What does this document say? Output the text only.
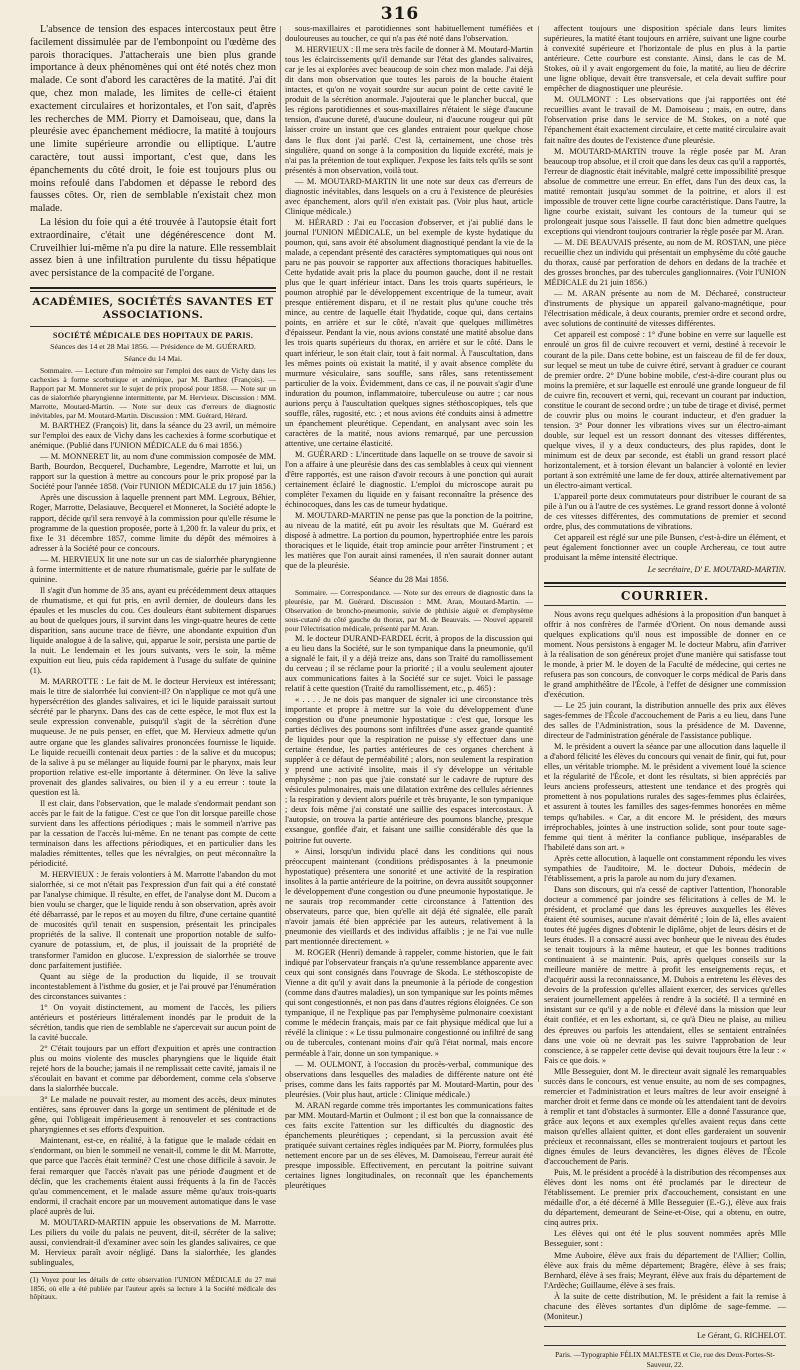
316

L'absence de tension des espaces intercostaux peut être facilement dissimulée par de l'embonpoint ou l'œdème des parois thoraciques. J'attacherais une bien plus grande importance à deux phénomènes qui ont été notés chez mon malade. Ce sont d'abord les caractères de la matité. J'ai dit que, chez mon malade, les limites de celle-ci étaient exactement circulaires et horizontales, et l'on sait, d'après les recherches de MM. Piorry et Damoiseau, que, dans la pleurésie avec épanchement médiocre, la matité à toujours une limite supérieure arrondie ou elliptique. L'autre caractère, tout aussi important, c'est que, dans les épanchements du côté droit, le foie est toujours plus ou moins refoulé dans l'abdomen et dépasse le rebord des fausses côtes. Or, rien de semblable n'existait chez mon malade.

La lésion du foie qui a été trouvée à l'autopsie était fort extraordinaire, c'était une dégénérescence dont M. Cruveilhier lui-même n'a pu dire la nature. Elle ressemblait assez bien à une infiltration purulente du tissu hépatique avec persistance de la compacité de l'organe.

ACADÉMIES, SOCIÉTÉS SAVANTES ET ASSOCIATIONS.
SOCIÉTÉ MÉDICALE DES HOPITAUX DE PARIS.
Séances des 14 et 28 Mai 1856. — Présidence de M. GUÉRARD.
Séance du 14 Mai.

Sommaire. — Lecture d'un mémoire sur l'emploi des eaux de Vichy dans les cachexies à forme scorbutique et anémique, par M. Barthez (François). — Rapport par M. Monneret sur le sujet de prix proposé pour 1858. — Note sur un cas de sialorrhée pharyngienne intermittente, par M. Hervieux. Discussion : MM. Marrotte, Moutard-Martin. — Note sur deux cas d'erreurs de diagnostic inévitables, par M. Moutard-Martin. Discussion : MM. Guérard, Hérard.

M. BARTHEZ (François) lit, dans la séance du 23 avril, un mémoire sur l'emploi des eaux de Vichy dans les cachexies à forme scorbutique et anémique. (Publié dans l'UNION MÉDICALE du 6 mai 1856.)

— M. MONNERET lit, au nom d'une commission composée de MM. Barth, Bourdon, Becquerel, Duchambre, Legendre, Marrotte et lui, un rapport sur la question à mettre au concours pour le prix proposé par la Société pour l'année 1858. (Voir l'UNION MÉDICALE du 17 juin 1856.)

Après une discussion à laquelle prennent part MM. Legroux, Béhier, Roger, Marrotte, Delasiauve, Becquerel et Monneret, la Société adopte le rapport, décide qu'il sera renvoyé à la commission pour qu'elle résume le programme de la question proposée, porte à 1,200 fr. la valeur du prix, et fixe le 31 décembre 1857, comme limite du dépôt des mémoires à adresser à la Société pour ce concours.

— M. HERVIEUX lit une note sur un cas de sialorrhée pharyngienne à forme intermittente et de nature rhumatismale, guérie par le sulfate de quinine.

Il s'agit d'un homme de 35 ans, ayant eu précédemment deux attaques de rhumatisme, et qui fut pris, en avril dernier, de douleurs dans les épaules et les muscles du cou. Ces douleurs étant subitement disparues au bout de quelques jours, il survint dans les vingt-quatre heures de cette disparition, sans aucune trace de fièvre, une abondante expuition d'un liquide analogue à de la salive, qui, apparue le soir, persista une partie de la nuit. Le lendemain et les jours suivants, vers le soir, la même expuition eut lieu, puis céda rapidement à l'usage du sulfate de quinine (1).

M. MARROTTE : Le fait de M. le docteur Hervieux est intéressant; mais le titre de sialorrhée lui convient-il? On n'applique ce mot qu'à une hypersécrétion des glandes salivaires, et ici le liquide paraissait surtout sécrété par le pharynx. Dans des cas de cette espèce, le mot flux est la seule expression convenable, puisqu'il s'agit de la sécrétion d'une muqueuse. Je ne puis penser, en effet, que M. Hervieux admette qu'un autre organe que les glandes salivaires prononcées fournisse le liquide. Le liquide recueilli contenait deux parties : de la salive et du mucopus; de la salive à pu se mélanger au liquide fourni par le pharynx, mais leur proportion relative est-elle importante à déterminer. On lève la salive provenait des glandes salivaires, ou bien il y a eu erreur : toute la question est là.

Il est clair, dans l'observation, que le malade s'endormait pendant son accès par le fait de la fatigue. C'est ce que l'on dit lorsque pareille chose survient dans les affections périodiques ; mais le sommeil n'arrive pas par la cessation de l'accès lui-même. En ne tenant pas compte de cette terminaison dans les affections périodiques, et en particulier dans les maladies rémittentes, telles que les névralgies, on peut méconnaître la périodicité.

M. HERVIEUX : Je ferais volontiers à M. Marrotte l'abandon du mot sialorrhée, si ce mot n'était pas l'expression d'un fait qui a été constaté par l'analyse chimique. Il résulte, en effet, de l'analyse dont M. Ducom a bien voulu se charger, que le liquide rendu à son observation, après avoir été débarrassé, par le repos et au moyen du filtre, d'une certaine quantité de mucosités qu'il tenait en suspension, présentait les principales propriétés de la salive. Il contenait une proportion notable de sulfo-cyanure de potassium, et, de plus, il jouissait de la propriété de transformer l'amidon en glucose. L'expression de sialorrhée se trouve donc parfaitement justifiée.

Quant au siège de la production du liquide, il se trouvait incontestablement à l'isthme du gosier, et je l'ai prouvé par l'énumération des circonstances suivantes :

1° On voyait distinctement, au moment de l'accès, les piliers antérieurs et postérieurs littéralement inondés par le produit de la sécrétion, tandis que rien de semblable ne s'apercevait sur aucun point de la cavité buccale.

2° C'était toujours par un effort d'expuition et après une contraction plus ou moins violente des muscles pharyngiens que le liquide était rejeté hors de la bouche; jamais il ne remplissait cette cavité, jamais il ne s'écoulait en bavant et comme par débordement, comme cela s'observe dans la sialorrhée buccale.

3° Le malade ne pouvait rester, au moment des accès, deux minutes entières, sans éprouver dans la gorge un sentiment de plénitude et de gêne, qui l'obligeait impérieusement à renouveler et ses contractions pharyngiennes et ses efforts d'expuition.

Maintenant, est-ce, en réalité, à la fatigue que le malade cédait en s'endormant, ou bien le sommeil ne venait-il, comme le dit M. Marrotte, que parce que l'accès était terminé? C'est une chose difficile à savoir. Je ferai remarquer que l'accès n'avait pas une période d'augment et de déclin, que les crachements étaient aussi fréquents à la fin de l'accès qu'au commencement, et le malade assure même qu'aux trois-quarts endormi, il crachait encore par un mouvement automatique dans le vase placé auprès de lui.

M. MOUTARD-MARTIN appuie les observations de M. Marrotte. Les piliers du voile du palais ne peuvent, dit-il, sécréter de la salive; aussi, conviendrait-il d'examiner avec soin les glandes salivaires, ce que M. Hervieux paraît avoir négligé. Dans la sialorrhée, les glandes sublinguales,

(1) Voyez pour les détails de cette observation l'UNION MÉDICALE du 27 mai 1856, où elle a été publiée par l'auteur après sa lecture à la Société médicale des hôpitaux.

sous-maxillaires et parotidiennes sont habituellement tuméfiées et douloureuses au toucher, ce qui n'a pas été noté dans l'observation.

M. HERVIEUX : Il me sera très facile de donner à M. Moutard-Martin tous les éclaircissements qu'il demande sur l'état des glandes salivaires, car je les ai explorées avec beaucoup de soin chez mon malade. J'ai déjà dit dans mon observation que toutes les parois de la bouche étaient intactes, et qu'on ne voyait sourdre sur aucun point de cette cavité le produit de la sécrétion anormale. J'ajouterai que le plancher buccal, que les régions parotidiennes et sous-maxillaires n'étaient le siège d'aucune tension, d'aucune dureté, d'aucune douleur, ni d'aucune rougeur qui pût laisser croire un instant que ces glandes entraient pour quelque chose dans le flux dont j'ai parlé. C'est là, certainement, une chose très singulière, quand on songe à la composition du liquide excrété, mais je n'ai pas la prétention de tout expliquer. J'expose les faits tels qu'ils se sont présentés à mon observation, voilà tout.

— M. MOUTARD-MARTIN lit une note sur deux cas d'erreurs de diagnostic inévitables, dans lesquels on a cru à l'existence de pleurésies avec épanchement, alors qu'il n'en existait pas. (Voir plus haut, article Clinique médicale.)

M. HÉRARD : J'ai eu l'occasion d'observer, et j'ai publié dans le journal l'UNION MÉDICALE, un bel exemple de kyste hydatique du poumon, qui, sans avoir été absolument diagnostiqué pendant la vie de la malade, a cependant présenté des caractères symptomatiques qui nous ont paru ne pas pouvoir se rapporter aux affections thoraciques habituelles. Cette hydatide avait pris la place du poumon gauche, dont il ne restait plus que le quart inférieur intact. Dans les trois quarts supérieurs, le poumon atrophié par le développement excentrique de la tumeur, avait presque entièrement disparu, et il ne restait plus qu'une couche très mince, au centre de laquelle était l'hydatide, coque qui, dans certains points, en arrière et sur le côté, n'avait que quelques millimètres d'épaisseur. Pendant la vie, nous avions constaté une matité absolue dans les trois quarts supérieurs du thorax, en arrière et sur le côté. Dans le quart inférieur, le son était clair, tout à fait normal. À l'auscultation, dans les mêmes points où existait la matité, il y avait absence complète du murmure vésiculaire, sans souffle, sans râles, sans retentissement particulier de la voix. Évidemment, dans ce cas, il ne pouvait s'agir d'une induration du poumon, inflammatoire, tuberculeuse ou autre ; car nous aurions perçu à l'auscultation quelques signes stéthoscopiques, tels que souffle, râles, rugosité, etc. ; et nous avions été conduits ainsi à admettre un épanchement pleurétique. Cependant, en analysant avec soin les caractères de la matité, nous avions remarqué, par une percussion attentive, une certaine élasticité.

M. GUÉRARD : L'incertitude dans laquelle on se trouve de savoir si l'on a affaire à une pleurésie dans des cas semblables à ceux qui viennent d'être rapportés, est une raison d'avoir recours à une ponction qui aurait certainement éclairé le diagnostic. L'emploi du microscope aurait pu compléter l'examen du liquide en y faisant reconnaître la présence des échinocoques, dans les cas de tumeur hydatique.

M. MOUTARD-MARTIN ne pense pas que la ponction de la poitrine, au niveau de la matité, eût pu avoir les résultats que M. Guérard est disposé à admettre. La portion du poumon, hypertrophiée entre les parois thoraciques et le liquide, était trop amincie pour arrêter l'instrument ; et les matières que l'on aurait ainsi ramenées, il n'en saurait donner autant que de la pleurésie.

Séance du 28 Mai 1856.

Sommaire. — Correspondance. — Note sur des erreurs de diagnostic dans la pleurésie, par M. Guérard. Discussion : MM. Aran, Moutard-Martin. — Observation de broncho-pneumonie, suivie de phthisie aiguë et d'emphysème sous-cutané du côté gauche du thorax, par M. de Beauvais. — Nouvel appareil pour l'électrisation médicale, présenté par M. Aran.

M. le docteur DURAND-FARDEL écrit, à propos de la discussion qui a eu lieu dans la Société, sur le son tympanique dans la pneumonie, qu'il a signalé le fait, il y a déjà treize ans, dans son Traité du ramollissement du cerveau ; il se réclame pour la priorité ; il a voulu seulement ajouter aux communications faites à la Société sur ce sujet. Voici le passage relatif à cette question (Traité du ramollissement, etc., p. 465) :

« . . . . Je ne dois pas manquer de signaler ici une circonstance très importante et propre à mettre sur la voie du développement d'une congestion ou d'une pneumonie hypostatique : c'est que, lorsque les parties déclives des poumons sont infiltrées d'une assez grande quantité de liquides pour que la respiration ne puisse s'y effectuer dans une certaine étendue, les parties antérieures de ces organes cherchent à suppléer à ce défaut de perméabilité ; alors, non seulement la respiration y prend une activité insolite, mais il s'y développe un véritable emphysème ; non pas que j'aie constaté sur le cadavre de rupture des vésicules pulmonaires, mais une dilatation extrême des cellules aériennes ; la respiration y devient alors puérile et très bruyante, le son tympanique ; deux fois même j'ai constaté une saillie des espaces intercostaux. À l'autopsie, on trouva la partie antérieure des poumons blanche, presque exsangue, gonflée d'air, et faisant une saillie considérable dès que la poitrine fut ouverte.

» Ainsi, lorsqu'un individu placé dans les conditions qui nous préoccupent maintenant (conditions prédisposantes à la pneumonie hypostatique) présentera une sonorité et une activité de la respiration insolites à la partie antérieure de la poitrine, on devra aussitôt soupçonner le développement d'une congestion ou d'une pneumonie hypostatique. Je ne saurais trop recommander cette circonstance à l'attention des observateurs, parce que, bien qu'elle ait déjà été signalée, elle paraît n'avoir jamais été bien appréciée par les auteurs, relativement à la pneumonie des vieillards et des individus affaiblis ; je ne l'ai vue nulle part mentionnée directement. »

M. ROGER (Henri) demande à rappeler, comme historien, que le fait indiqué par l'observateur français n'a qu'une ressemblance apparente avec ceux qui sont consignés dans l'ouvrage de Skoda. Le stéthoscopiste de Vienne a dit qu'il y avait dans la pneumonie à la période de congestion (comme dans d'autres maladies), un son tympanique sur les points mêmes qui sont congestionnés, et non pas dans d'autres régions éloignées. Ce son tympanique, il ne l'explique pas par l'emphysème pulmonaire coexistant comme le médecin français, mais par ce fait physique médical que lui a révélé la clinique : « Le tissu pulmonaire congestionné ou infiltré de sang ou de tubercules, contenant moins d'air qu'à l'état normal, mais encore perméable à l'air, donne un son tympanique. »

— M. OULMONT, à l'occasion du procès-verbal, communique des observations dans lesquelles des maladies de différente nature ont été prises, comme dans les faits rapportés par M. Moutard-Martin, pour des pleurésies. (Voir plus haut, article : Clinique médicale.)

M. ARAN regarde comme très importantes les communications faites par MM. Moutard-Martin et Oulmont ; il est bon que la connaissance de ces faits excite l'attention sur les difficultés du diagnostic des épanchements pleurétiques ; cependant, si la percussion avait été pratiquée suivant certaines règles indiquées par M. Piorry, formulées plus nettement encore par un de ses élèves, M. Damoiseau, l'erreur aurait été presque impossible. Effectivement, en percutant la poitrine suivant certaines lignes longitudinales, on reconnaît que les épanchements pleurétiques

affectent toujours une disposition spéciale dans leurs limites supérieures, la matité étant toujours en arrière, suivant une ligne courbe à convexité supérieure et l'horizontale de plus en plus à la partie antérieure. Cette courbure est constante. Ainsi, dans le cas de M. Stokes, où il y avait engorgement du foie, la matité, au lieu de décrire une ligne oblique, devait être transversale, et cela devait suffire pour empêcher de diagnostiquer une pleurésie.

M. OULMONT : Les observations que j'ai rapportées ont été recueillies avant le travail de M. Damoiseau ; mais, en outre, dans l'observation prise dans le service de M. Stokes, on a noté que l'épanchement était exactement circulaire, et cette matité circulaire avait fait naître des doutes de l'existence d'une pleurésie.

M. MOUTARD-MARTIN trouve la règle posée par M. Aran beaucoup trop absolue, et il croit que dans les deux cas qu'il a rapportés, l'erreur de diagnostic était inévitable, malgré cette impossibilité presque absolue de commettre une erreur. En effet, dans l'un des deux cas, la matité remontait jusqu'au sommet de la poitrine, et alors il est impossible de trouver cette ligne courbe caractéristique. Dans l'autre, la ligne courbe existait, suivant les contours de la tumeur qui se prolongeait jusque sous l'aisselle. Il faut donc bien admettre quelques exceptions qui viendront toujours contrarier la règle posée par M. Aran.

— M. DE BEAUVAIS présente, au nom de M. ROSTAN, une pièce recueillie chez un individu qui présentait un emphysème du côté gauche du thorax, causé par perforation de dehors en dedans de la trachée et des grosses bronches, par des tubercules ganglionnaires. (Voir l'UNION MÉDICALE du 21 juin 1856.)

— M. ARAN présente au nom de M. Déchareé, constructeur d'instruments de physique un appareil galvano-magnétique, pour l'électrisation médicale, à deux courants, premier ordre et second ordre, avec solutions de continuité de vitesses différentes.

Cet appareil est composé : 1° d'une bobine en verre sur laquelle est enroulé un gros fil de cuivre recouvert et verni, destiné à recevoir le courant de la pile. Dans cette bobine, est un faisceau de fil de fer doux, sur lequel se meut un tube de cuivre étiré, servant à graduer ce courant de premier ordre. 2° D'une bobine mobile, c'est-à-dire courant plus ou moins la première, et sur laquelle est enroulé une grande longueur de fil de cuivre fin, recouvert et verni, qui, recevant un courant par induction, constitue le courant de second ordre ; un tube de tirage et divisé, permet de couvrir plus ou moins le courant inducteur, et d'en graduer la tension. 3° Pour donner les vibrations vives sur un électro-aimant double, sur lequel est un ressort donnant des vitesses différentes, quelque vives, il y a deux conducteurs, des plus rapides, dont le minimum est de deux par seconde, est établi un grand ressort placé horizontalement, et à torsion élevant un balancier à volonté en levier portant à son extrémité une lame de fer doux, attirée alternativement par un électro-aimant vertical.

L'appareil porte deux commutateurs pour distribuer le courant de sa pile à l'un ou à l'autre de ces systèmes. Le grand ressort donne à volonté de ces vitesses différentes, des commutations de premier et second ordre, plus, des commutations de vibrations.

Cet appareil est réglé sur une pile Bunsen, c'est-à-dire un élément, et peut également fonctionner avec un couple Archereau, ce tout autre produisant la même intensité électrique.

Le secrétaire, D' E. MOUTARD-MARTIN.
COURRIER.

Nous avons reçu quelques adhésions à la proposition d'un banquet à offrir à nos confrères de l'armée d'Orient. On nous demande aussi quelques explications qu'il nous est impossible de donner en ce moment. Nous persistons à engager M. le docteur Mabru, afin d'arriver à la réalisation de son généreux projet d'une manière qui satisfasse tout le monde, à prier M. le doyen de la Faculté de médecine, qui certes ne refusera pas son concours, de convoquer le corps médical de Paris dans le grand amphithéâtre de l'École, à l'effet de désigner une commission d'exécution.

— Le 25 juin courant, la distribution annuelle des prix aux élèves sages-femmes de l'École d'accouchement de Paris a eu lieu, dans l'une des salles de l'Administration, sous la présidence de M. Davenne, directeur de l'administration générale de l'assistance publique.

M. le président a ouvert la séance par une allocution dans laquelle il a d'abord félicité les élèves du concours qui venait de finir, qui fut, pour elles, un véritable triomphe. M. le président a vivement loué la science et la régularité de l'École, et dont les résultats, si bien appréciés par leurs anciens professeurs, attestent une tendance et des progrès qui promettent à nos populations rurales des sages-femmes plus éclairées, et assurent à toutes les familles des sages-femmes honorées en même temps qu'habiles. « Car, a dit encore M. le président, des mœurs irréprochables, jointes à une instruction solide, sont pour toute sage-femme qui tient à mériter la confiance publique, inséparables de l'habileté dans son art. »

Après cette allocution, à laquelle ont constamment répondu les vives sympathies de l'auditoire, M. le docteur Dubois, médecin de l'établissement, a pris la parole au nom du jury d'examen.

Dans son discours, qui n'a cessé de captiver l'attention, l'honorable docteur a commencé par joindre ses félicitations à celles de M. le président, et proclamé que dans les épreuves auxquelles les élèves étaient été soumises, aucune n'avait démérité ; loin de là, elles avaient toutes été jugées dignes d'obtenir le diplôme, objet de leurs désirs et de leurs études. Il a consacré aussi avec bonheur que le niveau des études se tenait toujours à la même hauteur, et que les bonnes traditions continuaient à se maintenir. Puis, après quelques conseils sur la meilleure manière de mettre à profit les enseignements reçus, et d'acquérir aussi la reconnaissance, M. Dubois a entretenu les élèves des devoirs de la profession qu'elles allaient exercer, des services qu'elles seraient journellement appelées à rendre à la société. Il a terminé en insistant sur ce qu'il y a de noble et d'élevé dans la mission que leur était confiée, et en les exhortant, si, ce qu'à Dieu ne plaise, au milieu des épreuves ou parfois les attendaient, elles se sentaient entraînées dans une voie où ne devrait pas les suivre l'approbation de leur conscience, à se rappeler cette devise qui devait toujours être la leur : « Fais ce que dois. »

Mlle Besseguier, dont M. le directeur avait signalé les remarquables succès dans le concours, est venue ensuite, au nom de ses compagnes, remercier et l'administration et leurs maîtres de leur avoir enseigné à marcher droit et ferme dans ce monde où les attendaient tant de devoirs à remplir et tant d'obstacles à surmonter. Elle a donné l'assurance que, grâce aux leçons et aux exemples qu'elles avaient reçus dans cette maison qu'elles allaient quitter, et dont elles garderaient un souvenir précieux et reconnaissant, elles se montreraient toujours et partout les dignes émules de leurs devancières, les dignes élèves de l'École d'accouchement de Paris.

Puis, M. le président a procédé à la distribution des récompenses aux élèves dont les noms ont été proclamés par le directeur de l'établissement. Le premier prix d'accouchement, consistant en une médaille d'or, a été décerné à Mlle Besseguier (E.-G.), élève aux frais du département, demeurant de Seine-et-Oise, qui a obtenu, en outre, cinq autres prix.

Les élèves qui ont été le plus souvent nommées après Mlle Besseguier, sont :

Mme Auboire, élève aux frais du département de l'Allier; Collin, élève aux frais du même département; Bragère, élève à ses frais; Bernhard, élève à ses frais; Meyrant, élève aux frais du département de l'Ardèche; Guillaume, élève à ses frais.

À la suite de cette distribution, M. le président a fait la remise à chacune des élèves sortantes d'un diplôme de sage-femme. — (Moniteur.)

Le Gérant, G. RICHELOT.
Paris. —Typographie FÉLIX MALTESTE et Cie, rue des Deux-Portes-St-Sauveur, 22.
